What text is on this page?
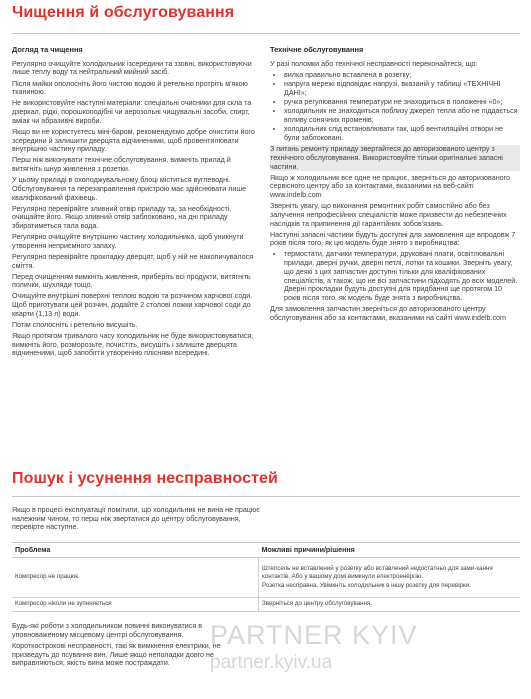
Чищення й обслуговування

Догляд та чищення

Регулярно очищуйте холодильник ізсередини та ззовні, використовуючи лише теплу воду та нейтральний мийний засіб.

Після мийки ополосніть його чистою водою й ретельно протріть м'якою тканиною.

Не використовуйте наступні матеріали: спеціальні очисники для скла та дзеркал, рідкі, порошкоподібні чи аерозольні чищувальні засоби, спирт, аміак чи абразивні вироби.

Якщо ви не користуєтесь міні-баром, рекомендуємо добре очистити його зсередини й залишити дверцята відчиненими, щоб провентилювати внутрішню частину приладу.

Перш ніж виконувати технічне обслуговування, вимкніть прилад й витягніть шнур живлення з розетки.

У цьому приладі в охолоджувальному блоці міститься вуглеводні. Обслуговування та перезаправлення пристрою має здійснювати лише кваліфікований фахівець.

Регулярно перевіряйте зливний отвір приладу та, за необхідності, очищайте його. Якщо зливний отвір заблоковано, на дні приладу збиратиметься тала вода.

Регулярно очищуйте внутрішню частину холодильника, щоб уникнути утворення неприємного запаху.

Регулярно перевіряйте прокладку дверцят, щоб у ній не накопичувалося сміття.

Перед очищенням вимкніть живлення, приберіть всі продукти, витягніть полички, шухляди тощо.

Очищуйте внутрішні поверхні теплою водою та розчином харчової соди. Щоб приготувати цей розчин, додайте 2 столові ложки харчової соди до кварти (1,13 л) води.

Потім сполосніть і ретельно висушіть.

Якщо протягом тривалого часу холодильник не буде використовуватися, вимкніть його, розморозьте, почистіть, висушіть і залиште дверцята відчиненими, щоб запобігти утворенню плісняви всередині.

Технічне обслуговування

У разі поломки або технічної несправності переконайтеся, що:

• вилка правильно вставлена в розетку;
• напруга мережі відповідає напрузі, вказаній у таблиці «ТЕХНІЧНІ ДАНІ»;
• ручка регулювання температури не знаходиться в положенні «0»;
• холодильник не знаходиться поблизу джерел тепла або не піддається впливу сонячних променів;
• холодильник слід встановлювати так, щоб вентиляційні отвори не були заблоковані.

З питань ремонту приладу звертайтеся до авторизованого центру з технічного обслуговування. Використовуйте тільки оригінальні запасні частини.

Якщо ж холодильник все одне не працює, зверніться до авторизованого сервісного центру або за контактами, вказаними на веб-сайті www.indelb.com

Зверніть увагу, що виконання ремонтних робіт самостійно або без залучення непрофесійних спеціалістів може призвести до небезпечних наслідків та припинення дії гарантійних зобов'язань.

Наступні запасні частини будуть доступні для замовлення ще впродовж 7 років після того, як цю модель буде знято з виробництва:

• термостати, датчики температури, друковані плати, освітлювальні прилади, дверні ручки, дверні петлі, лотки та кошики. Зверніть увагу, що деякі з цих запчастин доступні тільки для кваліфікованих спеціалістів, а також, що не всі запчастини підходять до всіх моделей. Дверні прокладки будуть доступні для придбання ще протягом 10 років після того, як модель буде знята з виробництва.

Для замовлення запчастин зверніться до авторизованого центру обслуговування або за контактами, вказаними на сайті www.indelb.com

Пошук і усунення несправностей

Якщо в процесі експлуатації помітили, що холодильник не вина не працює належним чином, то перш ніж звертатися до центру обслуговування, перевірте наступне.

Проблема	Можливі причини/рішення
Компресор не працює	Штепсель не вставлений у розетку або вставлений недостатньо для зами-кання контактів. Або у вашому домі вимкнули електроенергію.
Розетка несправна. Увімкніть холодильник в іншу розетку для перевірки.

Компресор ніколи не зупиняється	Зверніться до центру обслуговування.

Будь-які роботи з холодильником повинні виконуватися в уповноваженому місцевому центрі обслуговування.

Короткострокові несправності, такі як вимкнення електрики, не призведуть до псування вин. Лише якщо неполадки довго не виправляються, якість вина може постраждати.

PARTNER KYIV
partner.kyiv.ua
